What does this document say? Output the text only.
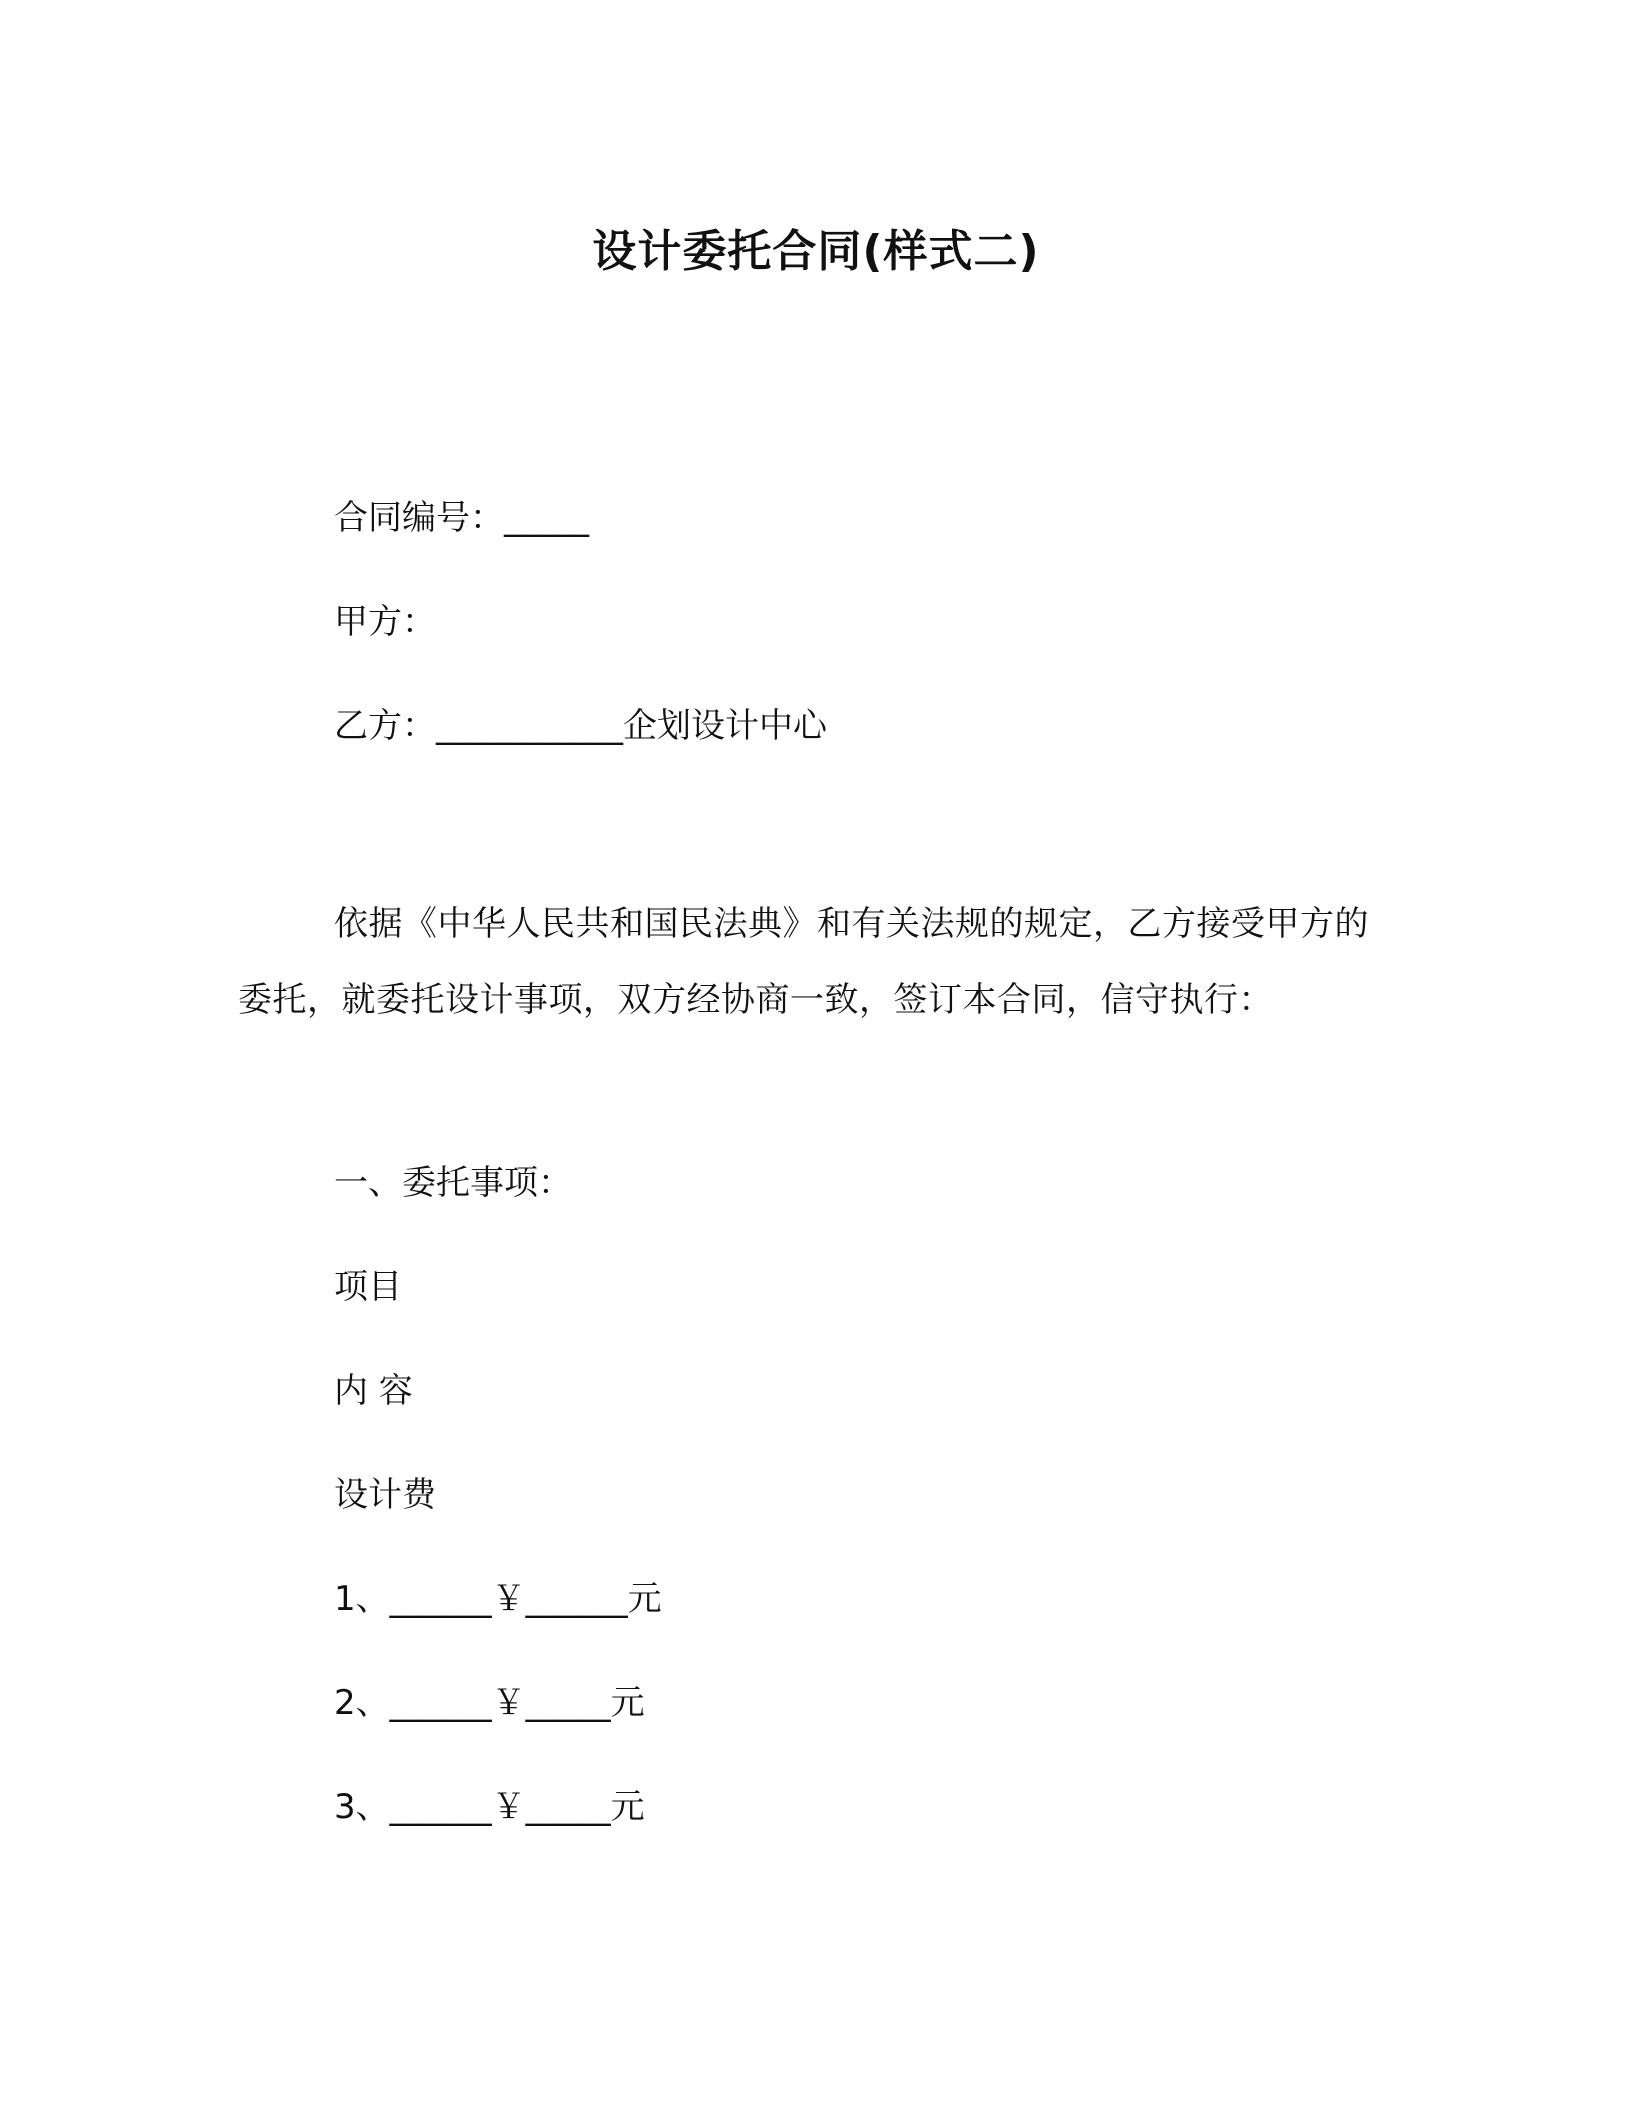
设计委托合同(样式二)
合同编号：_____
甲方：
乙方：___________企划设计中心
依据《中华人民共和国民法典》和有关法规的规定，乙方接受甲方的委托，就委托设计事项，双方经协商一致，签订本合同，信守执行：
一、委托事项：
项目
内 容
设计费
1、______￥______元
2、______￥_____元
3、______￥_____元
